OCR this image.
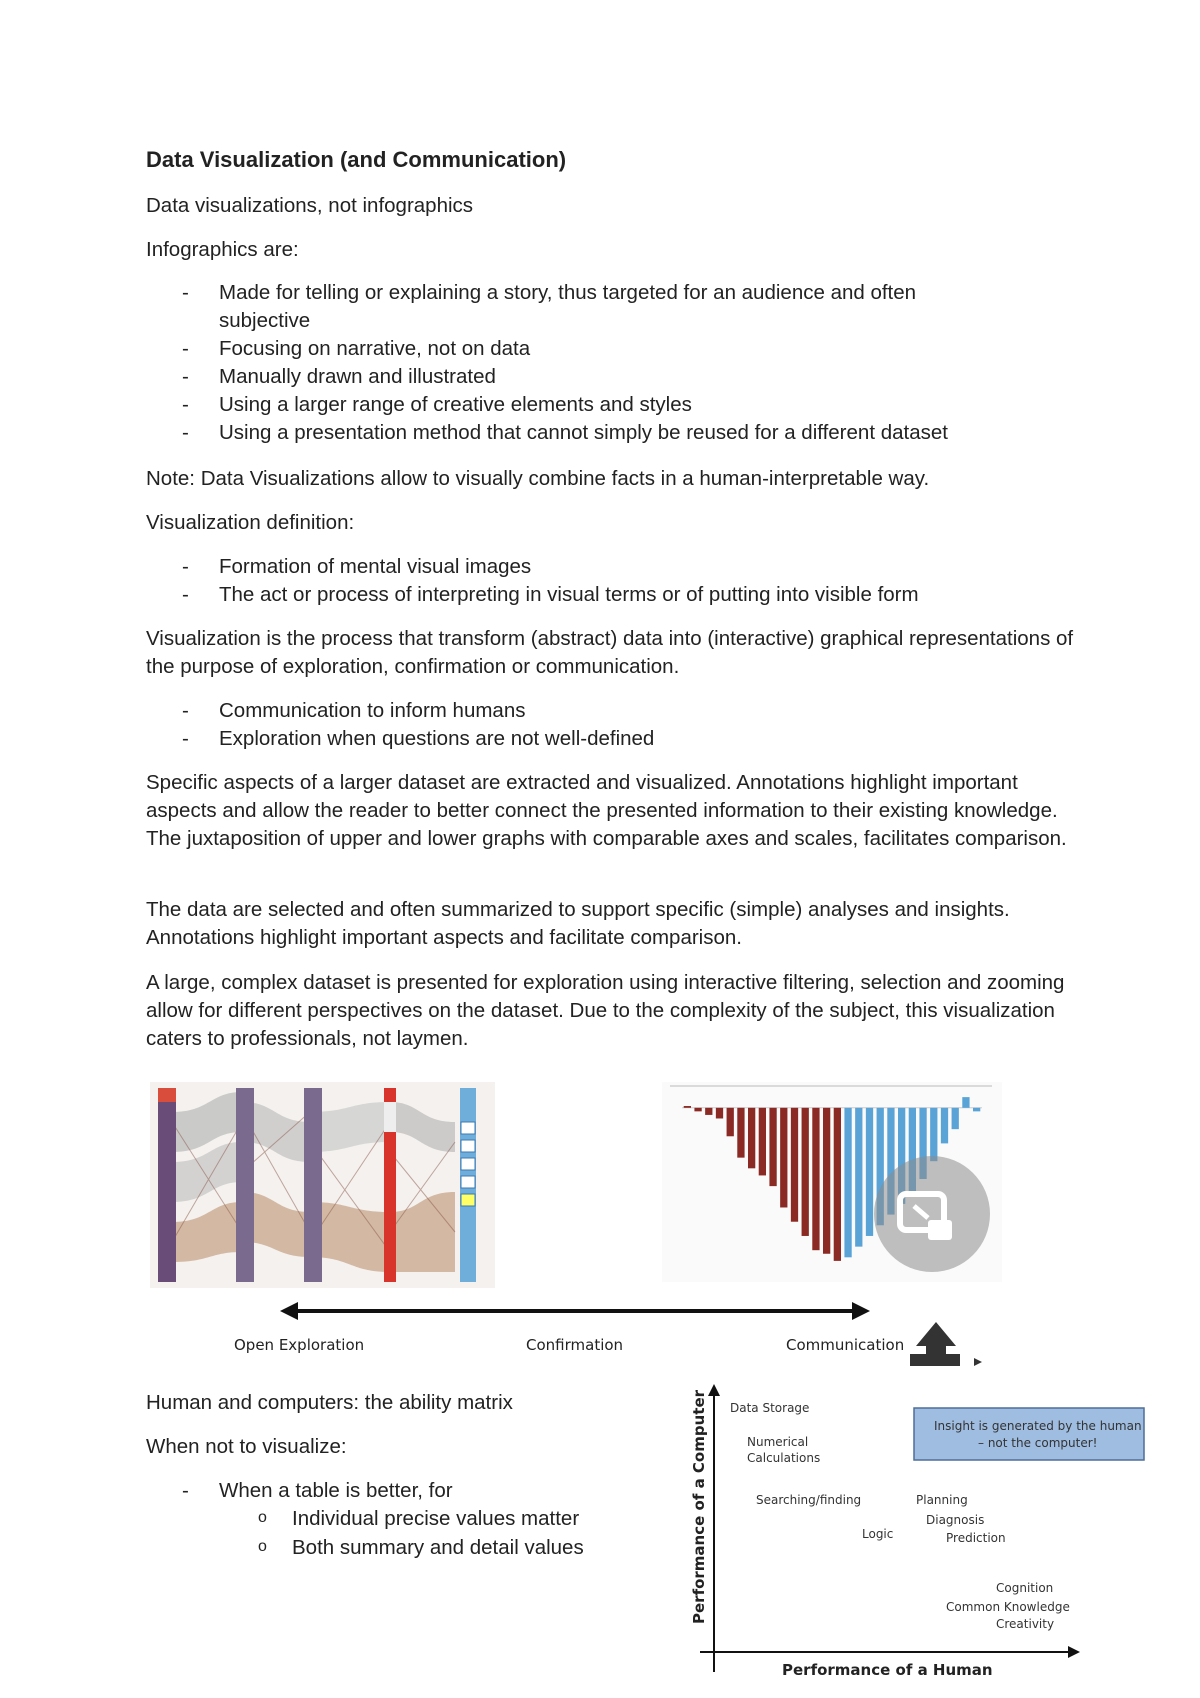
Data Visualization (and Communication)
Data visualizations, not infographics
Infographics are:
- Made for telling or explaining a story, thus targeted for an audience and often
subjective
- Focusing on narrative, not on data
- Manually drawn and illustrated
- Using a larger range of creative elements and styles
- Using a presentation method that cannot simply be reused for a different dataset
Note: Data Visualizations allow to visually combine facts in a human-interpretable way.
Visualization definition:
- Formation of mental visual images
- The act or process of interpreting in visual terms or of putting into visible form
Visualization is the process that transform (abstract) data into (interactive) graphical representations of the purpose of exploration, confirmation or communication.
- Communication to inform humans
- Exploration when questions are not well-defined
Specific aspects of a larger dataset are extracted and visualized. Annotations highlight important aspects and allow the reader to better connect the presented information to their existing knowledge. The juxtaposition of upper and lower graphs with comparable axes and scales, facilitates comparison.
The data are selected and often summarized to support specific (simple) analyses and insights. Annotations highlight important aspects and facilitate comparison.
A large, complex dataset is presented for exploration using interactive filtering, selection and zooming allow for different perspectives on the dataset. Due to the complexity of the subject, this visualization caters to professionals, not laymen.
Open Exploration	Confirmation	Communication
Human and computers: the ability matrix
When not to visualize:
- When a table is better, for
o Individual precise values matter
o Both summary and detail values	Performance of a Computer
Performance of a Human
Insight is generated by the human
– not the computer!
Data Storage
Numerical
Calculations
Searching/finding
Logic
Planning
Diagnosis
Prediction
Cognition
Common Knowledge
Creativity
